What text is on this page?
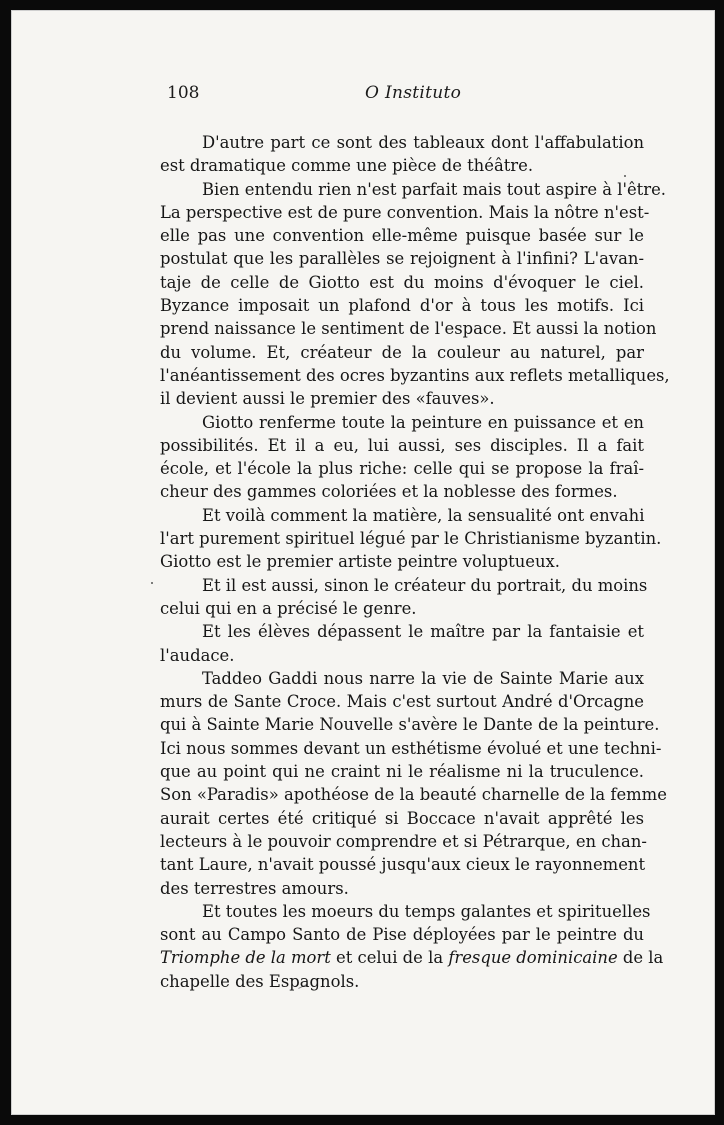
108	O Instituto
D'autre part ce sont des tableaux dont l'affabulation
est dramatique comme une pièce de théâtre.
Bien entendu rien n'est parfait mais tout aspire à l'être.
La perspective est de pure convention. Mais la nôtre n'est-
elle pas une convention elle-même puisque basée sur le
postulat que les parallèles se rejoignent à l'infini? L'avan-
taje de celle de Giotto est du moins d'évoquer le ciel.
Byzance imposait un plafond d'or à tous les motifs. Ici
prend naissance le sentiment de l'espace. Et aussi la notion
du volume. Et, créateur de la couleur au naturel, par
l'anéantissement des ocres byzantins aux reflets metalliques,
il devient aussi le premier des «fauves».
Giotto renferme toute la peinture en puissance et en
possibilités. Et il a eu, lui aussi, ses disciples. Il a fait
école, et l'école la plus riche: celle qui se propose la fraî-
cheur des gammes coloriées et la noblesse des formes.
Et voilà comment la matière, la sensualité ont envahi
l'art purement spirituel légué par le Christianisme byzantin.
Giotto est le premier artiste peintre voluptueux.
Et il est aussi, sinon le créateur du portrait, du moins
celui qui en a précisé le genre.
Et les élèves dépassent le maître par la fantaisie et
l'audace.
Taddeo Gaddi nous narre la vie de Sainte Marie aux
murs de Sante Croce. Mais c'est surtout André d'Orcagne
qui à Sainte Marie Nouvelle s'avère le Dante de la peinture.
Ici nous sommes devant un esthétisme évolué et une techni-
que au point qui ne craint ni le réalisme ni la truculence.
Son «Paradis» apothéose de la beauté charnelle de la femme
aurait certes été critiqué si Boccace n'avait apprêté les
lecteurs à le pouvoir comprendre et si Pétrarque, en chan-
tant Laure, n'avait poussé jusqu'aux cieux le rayonnement
des terrestres amours.
Et toutes les moeurs du temps galantes et spirituelles
sont au Campo Santo de Pise déployées par le peintre du
Triomphe de la mort et celui de la fresque dominicaine de la
chapelle des Espagnols.
